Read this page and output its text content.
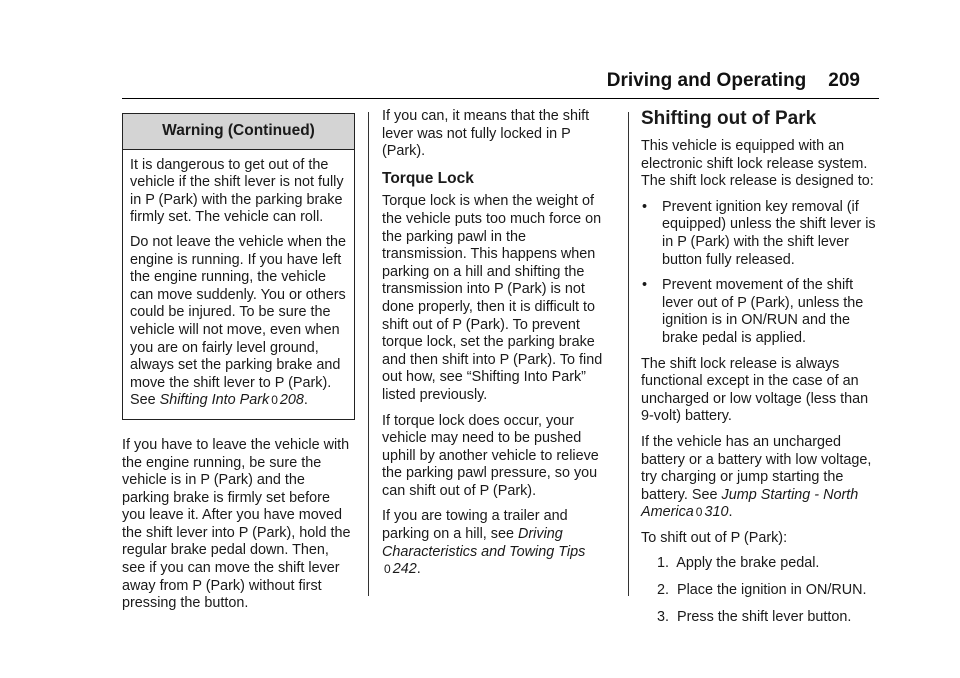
Driving and Operating 209
Warning (Continued)

It is dangerous to get out of the vehicle if the shift lever is not fully in P (Park) with the parking brake firmly set. The vehicle can roll.

Do not leave the vehicle when the engine is running. If you have left the engine running, the vehicle can move suddenly. You or others could be injured. To be sure the vehicle will not move, even when you are on fairly level ground, always set the parking brake and move the shift lever to P (Park). See Shifting Into Park 0 208.

If you have to leave the vehicle with the engine running, be sure the vehicle is in P (Park) and the parking brake is firmly set before you leave it. After you have moved the shift lever into P (Park), hold the regular brake pedal down. Then, see if you can move the shift lever away from P (Park) without first pressing the button.

If you can, it means that the shift lever was not fully locked in P (Park).

Torque Lock

Torque lock is when the weight of the vehicle puts too much force on the parking pawl in the transmission. This happens when parking on a hill and shifting the transmission into P (Park) is not done properly, then it is difficult to shift out of P (Park). To prevent torque lock, set the parking brake and then shift into P (Park). To find out how, see “Shifting Into Park” listed previously.

If torque lock does occur, your vehicle may need to be pushed uphill by another vehicle to relieve the parking pawl pressure, so you can shift out of P (Park).

If you are towing a trailer and parking on a hill, see Driving Characteristics and Towing Tips
0 242.

Shifting out of Park

This vehicle is equipped with an electronic shift lock release system. The shift lock release is designed to:

• Prevent ignition key removal (if equipped) unless the shift lever is in P (Park) with the shift lever button fully released.
• Prevent movement of the shift lever out of P (Park), unless the ignition is in ON/RUN and the brake pedal is applied.

The shift lock release is always functional except in the case of an uncharged or low voltage (less than 9-volt) battery.

If the vehicle has an uncharged battery or a battery with low voltage, try charging or jump starting the battery. See Jump Starting - North America 0 310.

To shift out of P (Park):

1. Apply the brake pedal.
2. Place the ignition in ON/RUN.
3. Press the shift lever button.
